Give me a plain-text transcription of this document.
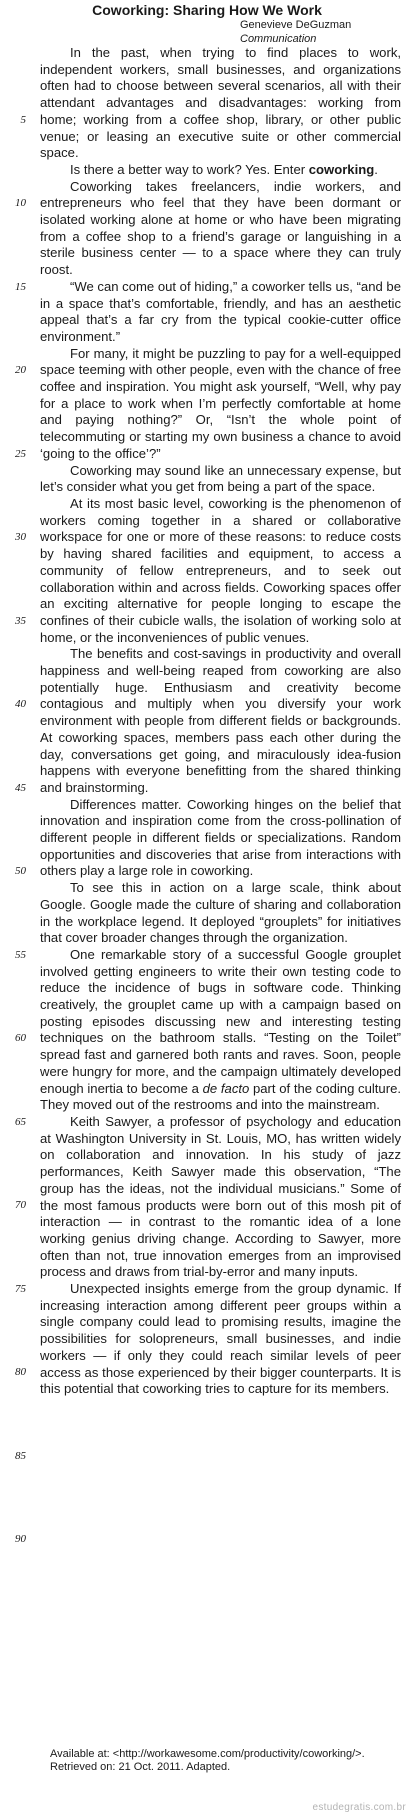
Coworking: Sharing How We Work
Genevieve DeGuzman
Communication
5
10
15
20
25
30
35
40
45
50
55
60
65
70
75
80
85
90

In the past, when trying to find places to work, independent workers, small businesses, and organizations often had to choose between several scenarios, all with their attendant advantages and disadvantages: working from home; working from a coffee shop, library, or other public venue; or leasing an executive suite or other commercial space.

Is there a better way to work? Yes. Enter coworking.

Coworking takes freelancers, indie workers, and entrepreneurs who feel that they have been dormant or isolated working alone at home or who have been migrating from a coffee shop to a friend’s garage or languishing in a sterile business center — to a space where they can truly roost.

“We can come out of hiding,” a coworker tells us, “and be in a space that’s comfortable, friendly, and has an aesthetic appeal that’s a far cry from the typical cookie-cutter office environment.”

For many, it might be puzzling to pay for a well-equipped space teeming with other people, even with the chance of free coffee and inspiration. You might ask yourself, “Well, why pay for a place to work when I’m perfectly comfortable at home and paying nothing?” Or, “Isn’t the whole point of telecommuting or starting my own business a chance to avoid ‘going to the office’?”

Coworking may sound like an unnecessary expense, but let’s consider what you get from being a part of the space.

At its most basic level, coworking is the phenomenon of workers coming together in a shared or collaborative workspace for one or more of these reasons: to reduce costs by having shared facilities and equipment, to access a community of fellow entrepreneurs, and to seek out collaboration within and across fields. Coworking spaces offer an exciting alternative for people longing to escape the confines of their cubicle walls, the isolation of working solo at home, or the inconveniences of public venues.

The benefits and cost-savings in productivity and overall happiness and well-being reaped from coworking are also potentially huge. Enthusiasm and creativity become contagious and multiply when you diversify your work environment with people from different fields or backgrounds. At coworking spaces, members pass each other during the day, conversations get going, and miraculously idea-fusion happens with everyone benefitting from the shared thinking and brainstorming.

Differences matter. Coworking hinges on the belief that innovation and inspiration come from the cross-pollination of different people in different fields or specializations. Random opportunities and discoveries that arise from interactions with others play a large role in coworking.

To see this in action on a large scale, think about Google. Google made the culture of sharing and collaboration in the workplace legend. It deployed “grouplets” for initiatives that cover broader changes through the organization.

One remarkable story of a successful Google grouplet involved getting engineers to write their own testing code to reduce the incidence of bugs in software code. Thinking creatively, the grouplet came up with a campaign based on posting episodes discussing new and interesting testing techniques on the bathroom stalls. “Testing on the Toilet” spread fast and garnered both rants and raves. Soon, people were hungry for more, and the campaign ultimately developed enough inertia to become a de facto part of the coding culture. They moved out of the restrooms and into the mainstream.

Keith Sawyer, a professor of psychology and education at Washington University in St. Louis, MO, has written widely on collaboration and innovation. In his study of jazz performances, Keith Sawyer made this observation, “The group has the ideas, not the individual musicians.” Some of the most famous products were born out of this mosh pit of interaction — in contrast to the romantic idea of a lone working genius driving change. According to Sawyer, more often than not, true innovation emerges from an improvised process and draws from trial-by-error and many inputs.

Unexpected insights emerge from the group dynamic. If increasing interaction among different peer groups within a single company could lead to promising results, imagine the possibilities for solopreneurs, small businesses, and indie workers — if only they could reach similar levels of peer access as those experienced by their bigger counterparts. It is this potential that coworking tries to capture for its members.

Available at: <http://workawesome.com/productivity/coworking/>.
Retrieved on: 21 Oct. 2011. Adapted.
estudegratis.com.br
